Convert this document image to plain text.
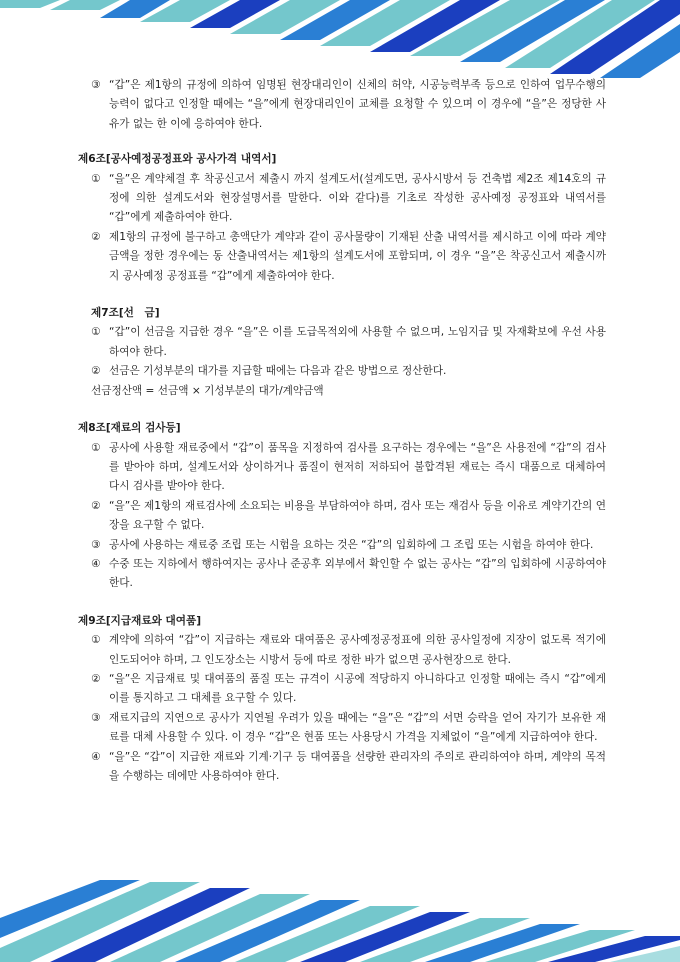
③ “갑”은 제1항의 규정에 의하여 임명된 현장대리인이 신체의 허약, 시공능력부족 등으로 인하여 업무수행의 능력이 없다고 인정할 때에는 “을”에게 현장대리인이 교체를 요청할 수 있으며 이 경우에 “을”은 정당한 사유가 없는 한 이에 응하여야 한다.
제6조[공사예정공정표와 공사가격 내역서]
① “을”은 계약체결 후 착공신고서 제출시 까지 설계도서(설계도면, 공사시방서 등 건축법 제2조 제14호의 규정에 의한 설계도서와 현장설명서를 말한다. 이와 같다)를 기초로 작성한 공사예정 공정표와 내역서를 “갑”에게 제출하여야 한다.
② 제1항의 규정에 불구하고 총액단가 계약과 같이 공사물량이 기재된 산출 내역서를 제시하고 이에 따라 계약금액을 정한 경우에는 동 산출내역서는 제1항의 설계도서에 포함되며, 이 경우 “을”은 착공신고서 제출시까지 공사예정 공정표를 “갑”에게 제출하여야 한다.
제7조[선　금]
① “갑”이 선금을 지급한 경우 “을”은 이를 도급목적외에 사용할 수 없으며, 노임지급 및 자재확보에 우선 사용하여야 한다.
② 선금은 기성부분의 대가를 지급할 때에는 다음과 같은 방법으로 정산한다.
선금정산액 = 선금액 × 기성부분의 대가/계약금액
제8조[재료의 검사등]
① 공사에 사용할 재료중에서 “갑”이 품목을 지정하여 검사를 요구하는 경우에는 “을”은 사용전에 “갑”의 검사를 받아야 하며, 설계도서와 상이하거나 품질이 현저히 저하되어 불합격된 재료는 즉시 대품으로 대체하여 다시 검사를 받아야 한다.
② “을”은 제1항의 재료검사에 소요되는 비용을 부담하여야 하며, 검사 또는 재검사 등을 이유로 계약기간의 연장을 요구할 수 없다.
③ 공사에 사용하는 재료중 조립 또는 시험을 요하는 것은 “갑”의 입회하에 그 조립 또는 시험을 하여야 한다.
④ 수중 또는 지하에서 행하여지는 공사나 준공후 외부에서 확인할 수 없는 공사는 “갑”의 입회하에 시공하여야 한다.
제9조[지급재료와 대여품]
① 계약에 의하여 “갑”이 지급하는 재료와 대여품은 공사예정공정표에 의한 공사일정에 지장이 없도록 적기에 인도되어야 하며, 그 인도장소는 시방서 등에 따로 정한 바가 없으면 공사현장으로 한다.
② “을”은 지급재료 및 대여품의 품질 또는 규격이 시공에 적당하지 아니하다고 인정할 때에는 즉시 “갑”에게 이를 통지하고 그 대체를 요구할 수 있다.
③ 재료지급의 지연으로 공사가 지연될 우려가 있을 때에는 “을”은 “갑”의 서면 승락을 얻어 자기가 보유한 재료를 대체 사용할 수 있다. 이 경우 “갑”은 현품 또는 사용당시 가격을 지체없이 “을”에게 지급하여야 한다.
④ “을”은 “갑”이 지급한 재료와 기계·기구 등 대여품을 선량한 관리자의 주의로 관리하여야 하며, 계약의 목적을 수행하는 데에만 사용하여야 한다.
